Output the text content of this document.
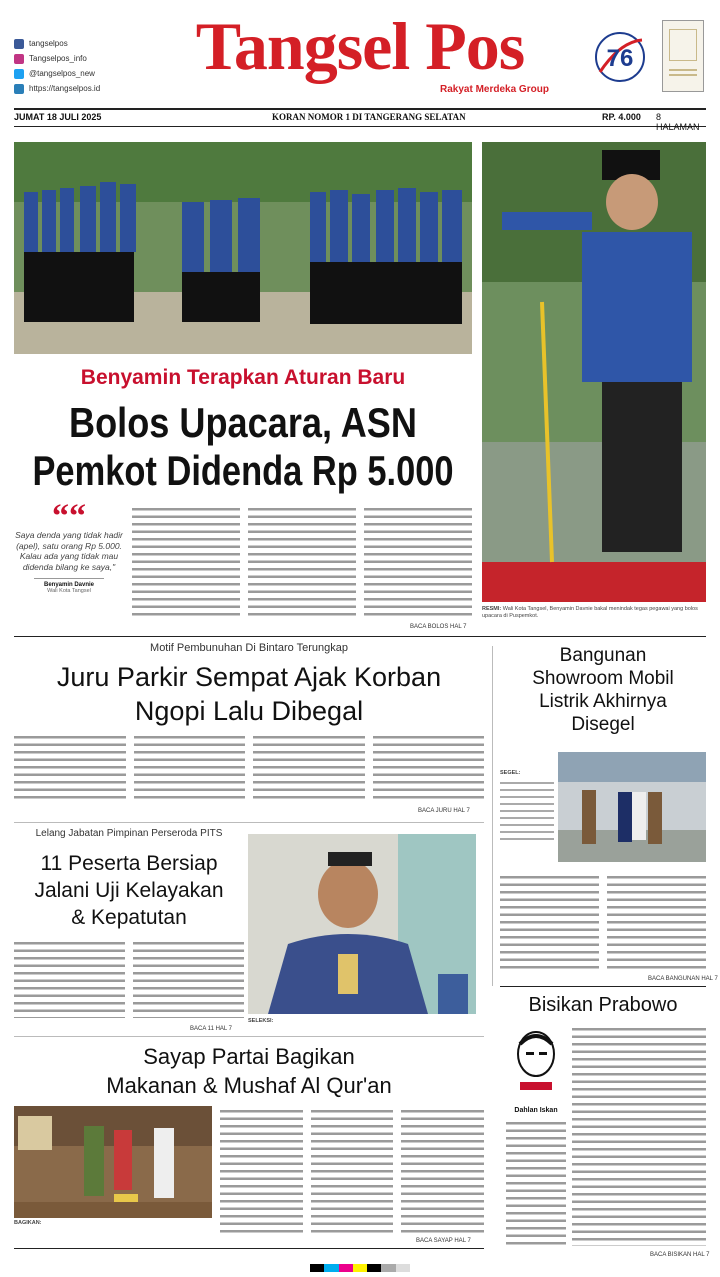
tangselpos
Tangselpos_info
@tangselpos_new
https://tangselpos.id
Tangsel Pos
Rakyat Merdeka Group
76
JUMAT 18 JULI 2025	KORAN NOMOR 1 DI TANGERANG SELATAN	RP. 4.000 8 HALAMAN
Benyamin Terapkan Aturan Baru
Bolos Upacara, ASN
Pemkot Didenda Rp 5.000
““
Saya denda yang tidak hadir (apel), satu orang Rp 5.000. Kalau ada yang tidak mau didenda bilang ke saya,"
Benyamin Davnie
Wali Kota Tangsel
BACA BOLOS HAL 7
RESMI: Wali Kota Tangsel, Benyamin Davnie bakal menindak tegas pegawai yang bolos upacara di Puspemkot.
Motif Pembunuhan Di Bintaro Terungkap
Juru Parkir Sempat Ajak Korban
Ngopi Lalu Dibegal
BACA JURU HAL 7
Bangunan
Showroom Mobil
Listrik Akhirnya
Disegel
SEGEL:
BACA BANGUNAN HAL 7
Lelang Jabatan Pimpinan Perseroda PITS
11 Peserta Bersiap
Jalani Uji Kelayakan
& Kepatutan
BACA 11 HAL 7
SELEKSI:
Bisikan Prabowo
Dahlan Iskan
BACA BISIKAN HAL 7
Sayap Partai Bagikan
Makanan & Mushaf Al Qur'an
BAGIKAN:
BACA SAYAP HAL 7
